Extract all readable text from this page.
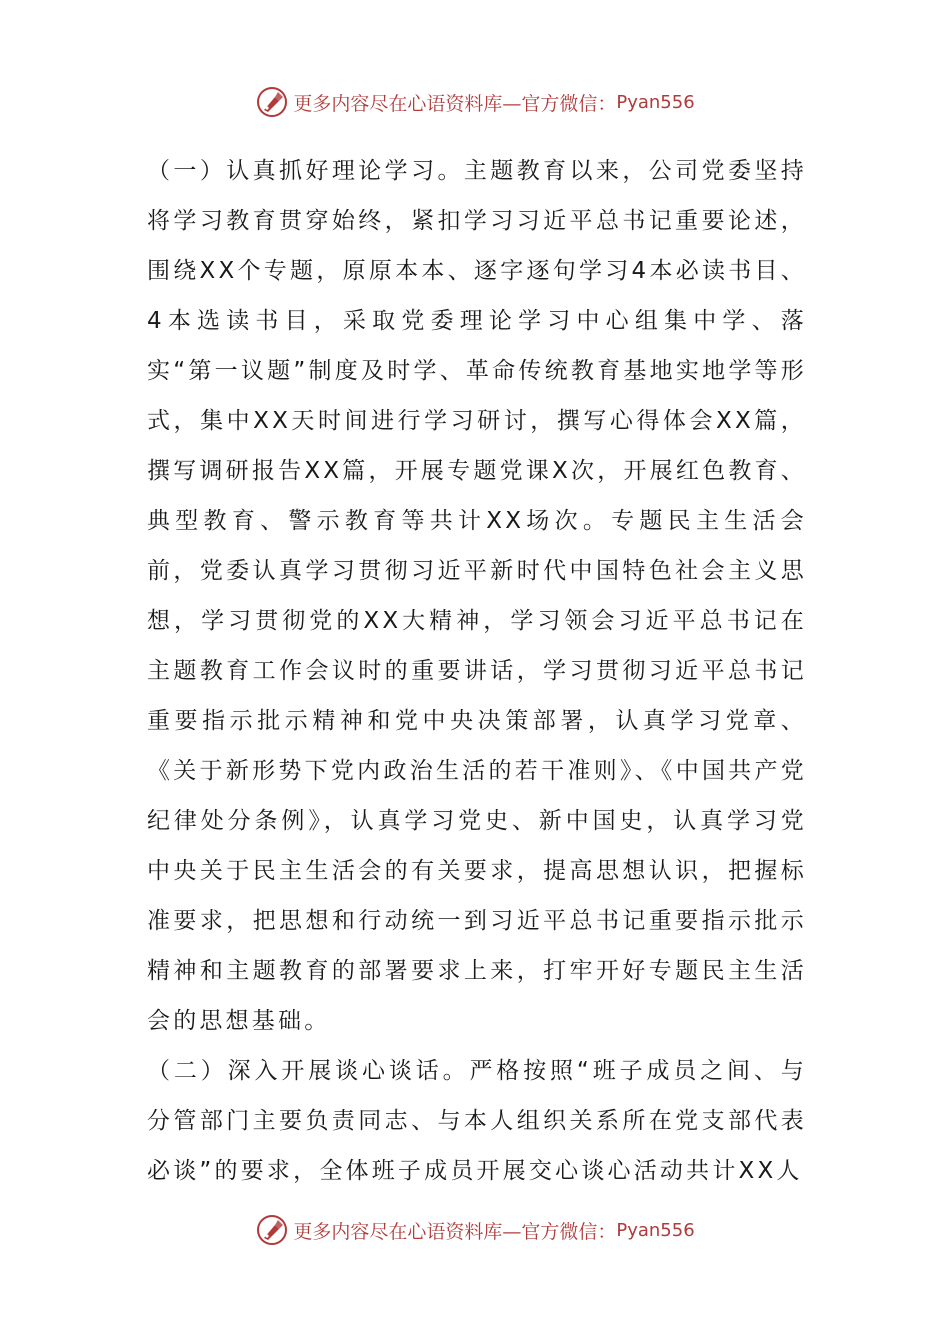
更多内容尽在心语资料库—官方微信： Pyan556

（一）认真抓好理论学习。主题教育以来，公司党委坚持将学习教育贯穿始终，紧扣学习习近平总书记重要论述，围绕XX个专题，原原本本、逐字逐句学习4本必读书目、4本选读书目，采取党委理论学习中心组集中学、落实“第一议题”制度及时学、革命传统教育基地实地学等形式，集中XX天时间进行学习研讨，撰写心得体会XX篇，撰写调研报告XX篇，开展专题党课X次，开展红色教育、典型教育、警示教育等共计XX场次。专题民主生活会前，党委认真学习贯彻习近平新时代中国特色社会主义思想，学习贯彻党的XX大精神，学习领会习近平总书记在主题教育工作会议时的重要讲话，学习贯彻习近平总书记重要指示批示精神和党中央决策部署，认真学习党章、《关于新形势下党内政治生活的若干准则》、《中国共产党纪律处分条例》，认真学习党史、新中国史，认真学习党中央关于民主生活会的有关要求，提高思想认识，把握标准要求，把思想和行动统一到习近平总书记重要指示批示精神和主题教育的部署要求上来，打牢开好专题民主生活会的思想基础。

（二）深入开展谈心谈话。严格按照“班子成员之间、与分管部门主要负责同志、与本人组织关系所在党支部代表必谈”的要求，全体班子成员开展交心谈心活动共计XX人

更多内容尽在心语资料库—官方微信： Pyan556
